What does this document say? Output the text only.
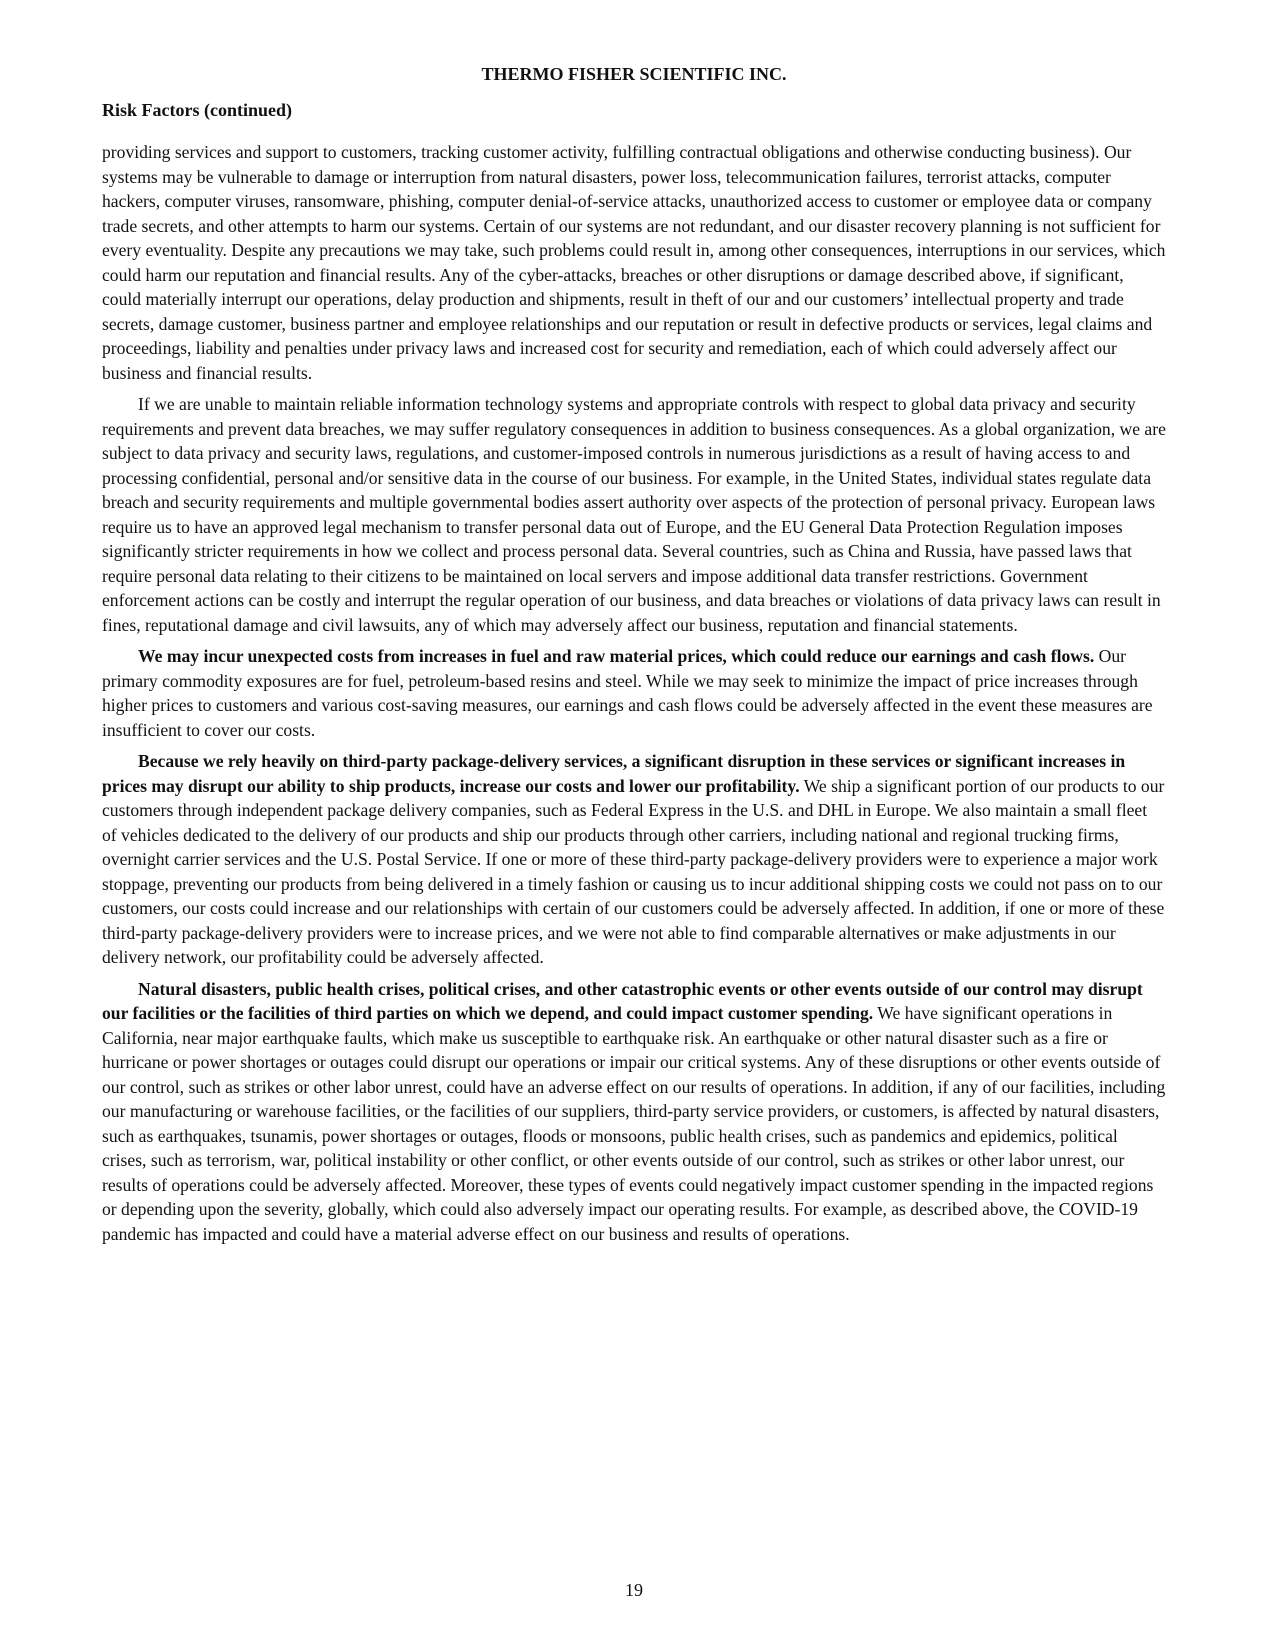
THERMO FISHER SCIENTIFIC INC.

Risk Factors (continued)

providing services and support to customers, tracking customer activity, fulfilling contractual obligations and otherwise conducting business). Our systems may be vulnerable to damage or interruption from natural disasters, power loss, telecommunication failures, terrorist attacks, computer hackers, computer viruses, ransomware, phishing, computer denial-of-service attacks, unauthorized access to customer or employee data or company trade secrets, and other attempts to harm our systems. Certain of our systems are not redundant, and our disaster recovery planning is not sufficient for every eventuality. Despite any precautions we may take, such problems could result in, among other consequences, interruptions in our services, which could harm our reputation and financial results. Any of the cyber-attacks, breaches or other disruptions or damage described above, if significant, could materially interrupt our operations, delay production and shipments, result in theft of our and our customers’ intellectual property and trade secrets, damage customer, business partner and employee relationships and our reputation or result in defective products or services, legal claims and proceedings, liability and penalties under privacy laws and increased cost for security and remediation, each of which could adversely affect our business and financial results.

If we are unable to maintain reliable information technology systems and appropriate controls with respect to global data privacy and security requirements and prevent data breaches, we may suffer regulatory consequences in addition to business consequences. As a global organization, we are subject to data privacy and security laws, regulations, and customer-imposed controls in numerous jurisdictions as a result of having access to and processing confidential, personal and/or sensitive data in the course of our business. For example, in the United States, individual states regulate data breach and security requirements and multiple governmental bodies assert authority over aspects of the protection of personal privacy. European laws require us to have an approved legal mechanism to transfer personal data out of Europe, and the EU General Data Protection Regulation imposes significantly stricter requirements in how we collect and process personal data. Several countries, such as China and Russia, have passed laws that require personal data relating to their citizens to be maintained on local servers and impose additional data transfer restrictions. Government enforcement actions can be costly and interrupt the regular operation of our business, and data breaches or violations of data privacy laws can result in fines, reputational damage and civil lawsuits, any of which may adversely affect our business, reputation and financial statements.

We may incur unexpected costs from increases in fuel and raw material prices, which could reduce our earnings and cash flows. Our primary commodity exposures are for fuel, petroleum-based resins and steel. While we may seek to minimize the impact of price increases through higher prices to customers and various cost-saving measures, our earnings and cash flows could be adversely affected in the event these measures are insufficient to cover our costs.

Because we rely heavily on third-party package-delivery services, a significant disruption in these services or significant increases in prices may disrupt our ability to ship products, increase our costs and lower our profitability. We ship a significant portion of our products to our customers through independent package delivery companies, such as Federal Express in the U.S. and DHL in Europe. We also maintain a small fleet of vehicles dedicated to the delivery of our products and ship our products through other carriers, including national and regional trucking firms, overnight carrier services and the U.S. Postal Service. If one or more of these third-party package-delivery providers were to experience a major work stoppage, preventing our products from being delivered in a timely fashion or causing us to incur additional shipping costs we could not pass on to our customers, our costs could increase and our relationships with certain of our customers could be adversely affected. In addition, if one or more of these third-party package-delivery providers were to increase prices, and we were not able to find comparable alternatives or make adjustments in our delivery network, our profitability could be adversely affected.

Natural disasters, public health crises, political crises, and other catastrophic events or other events outside of our control may disrupt our facilities or the facilities of third parties on which we depend, and could impact customer spending. We have significant operations in California, near major earthquake faults, which make us susceptible to earthquake risk. An earthquake or other natural disaster such as a fire or hurricane or power shortages or outages could disrupt our operations or impair our critical systems. Any of these disruptions or other events outside of our control, such as strikes or other labor unrest, could have an adverse effect on our results of operations. In addition, if any of our facilities, including our manufacturing or warehouse facilities, or the facilities of our suppliers, third-party service providers, or customers, is affected by natural disasters, such as earthquakes, tsunamis, power shortages or outages, floods or monsoons, public health crises, such as pandemics and epidemics, political crises, such as terrorism, war, political instability or other conflict, or other events outside of our control, such as strikes or other labor unrest, our results of operations could be adversely affected. Moreover, these types of events could negatively impact customer spending in the impacted regions or depending upon the severity, globally, which could also adversely impact our operating results. For example, as described above, the COVID-19 pandemic has impacted and could have a material adverse effect on our business and results of operations.

19
